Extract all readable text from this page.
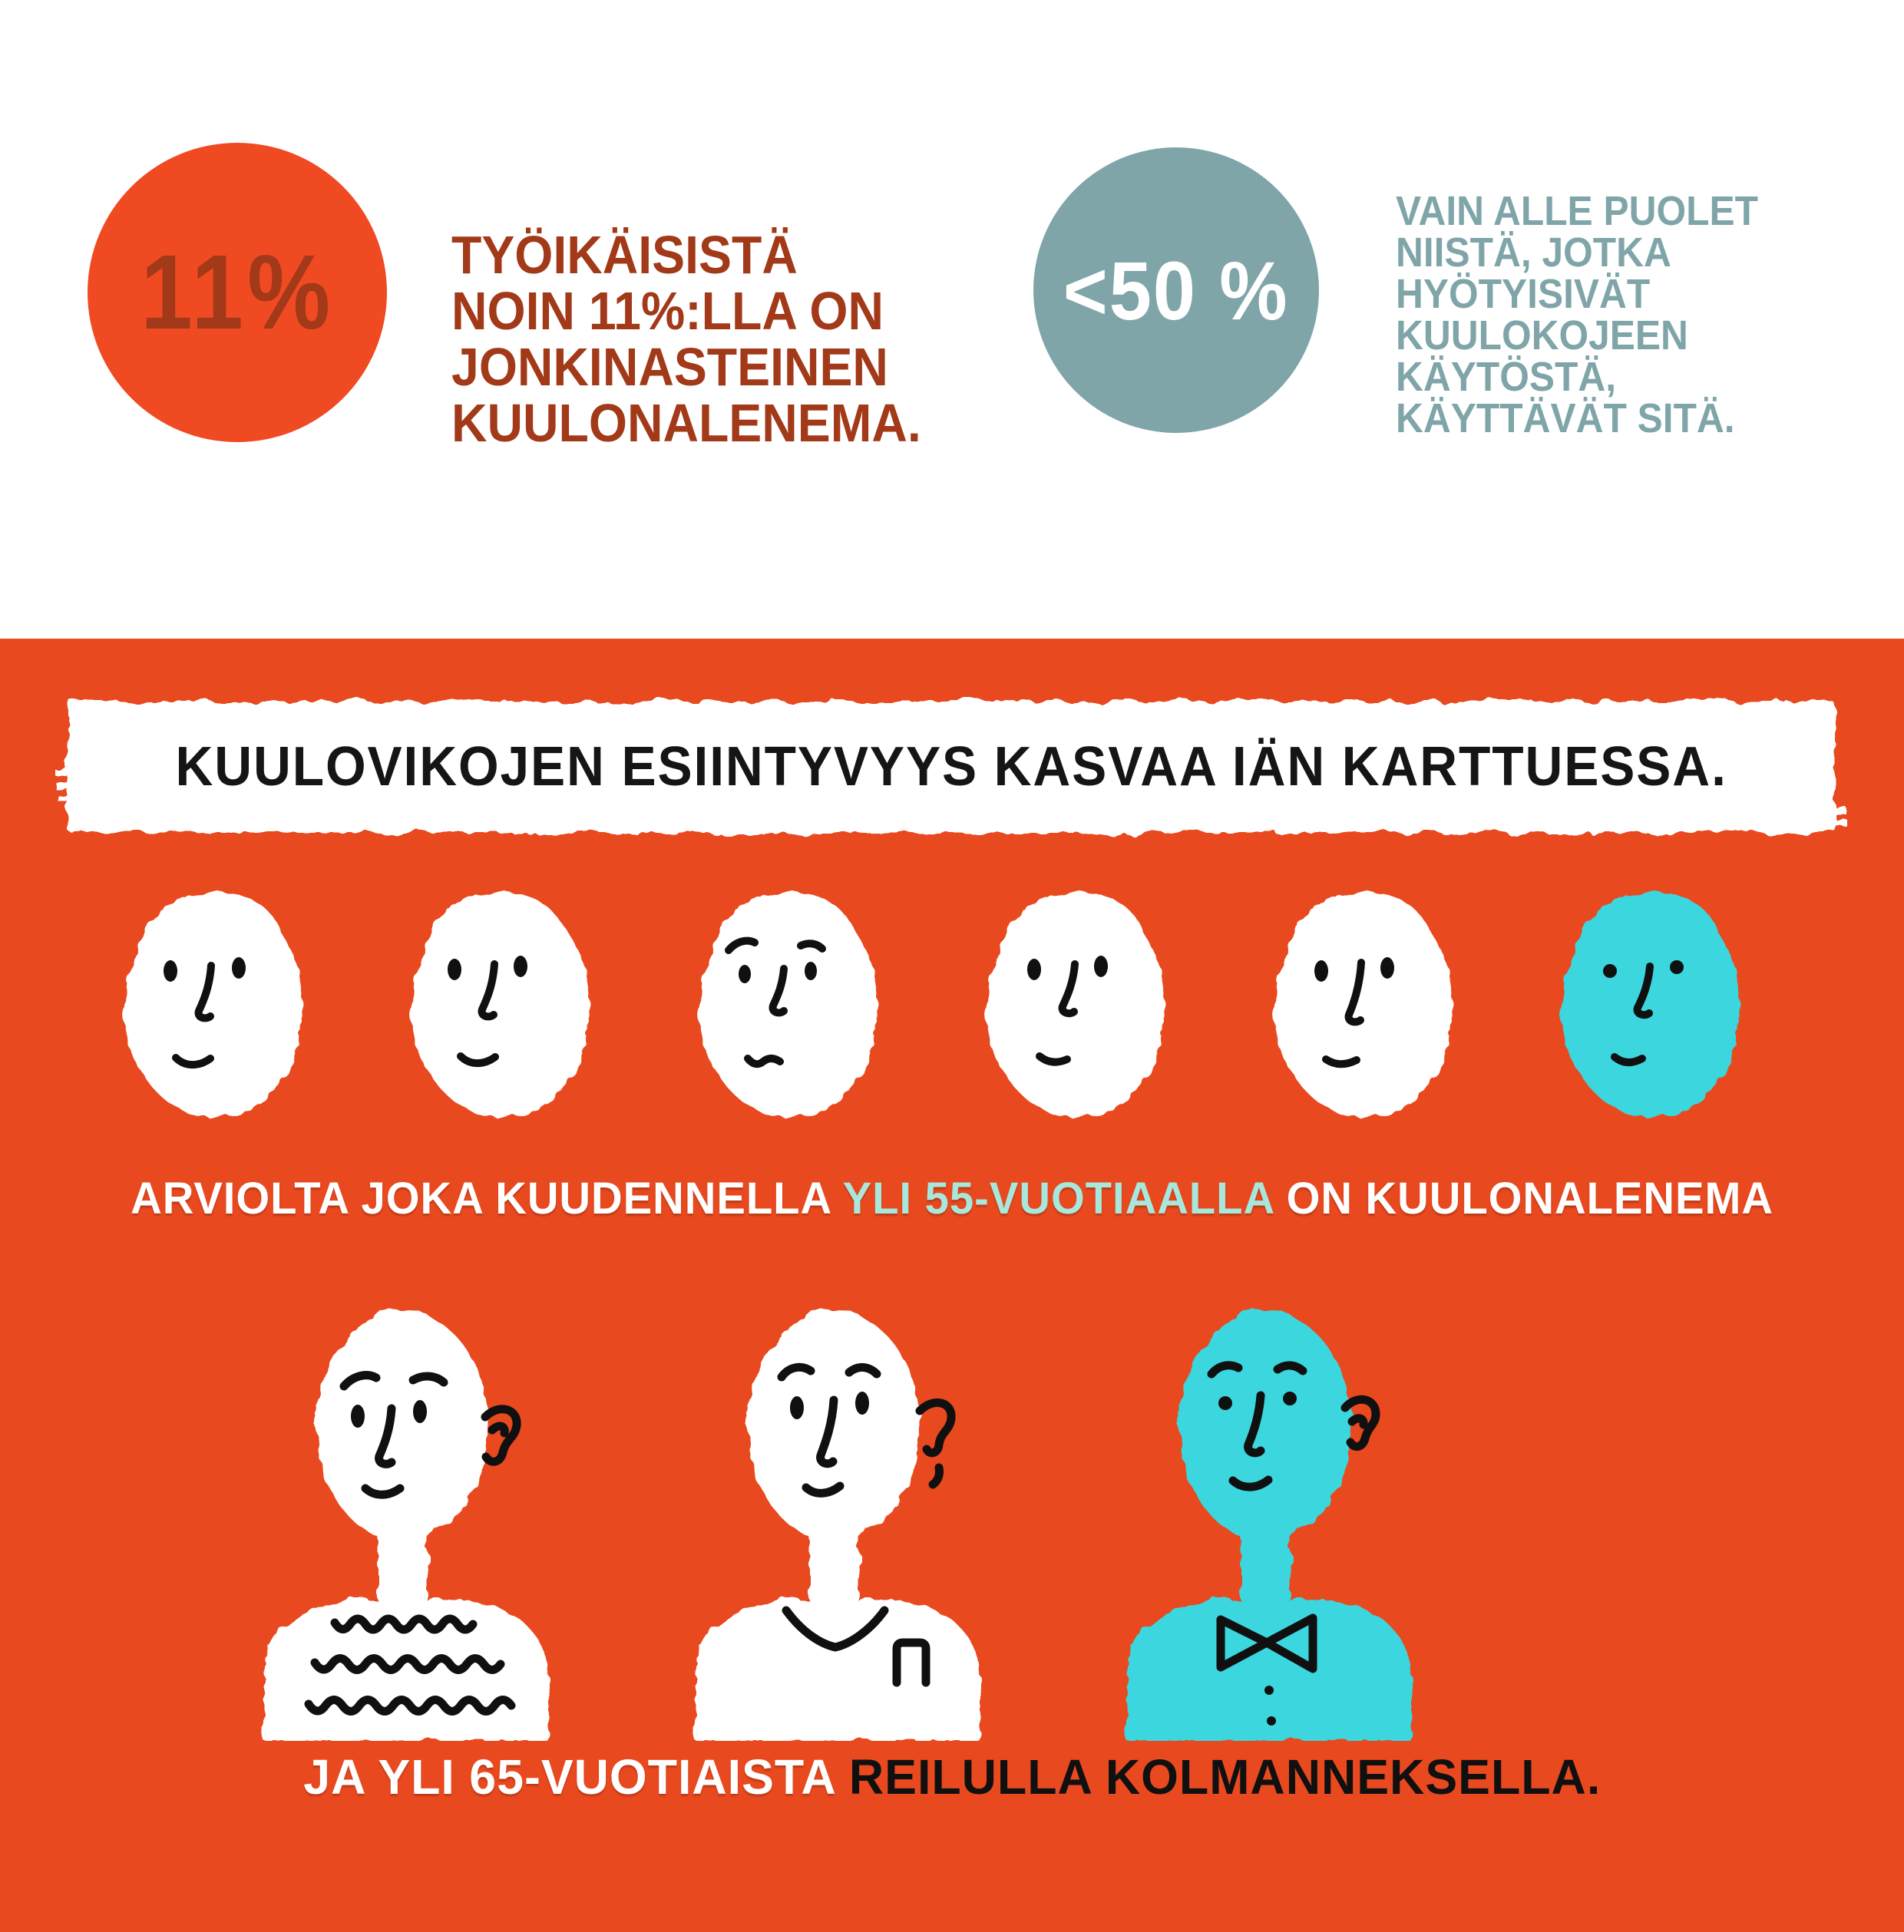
11% TYÖIKÄISISTÄ
NOIN 11%:LLA ON
JONKINASTEINEN
KUULONALENEMA.
<50 %
VAIN ALLE PUOLET
NIISTÄ, JOTKA
HYÖTYISIVÄT
KUULOKOJEEN
KÄYTÖSTÄ,
KÄYTTÄVÄT SITÄ.
KUULOVIKOJEN ESIINTYVYYS KASVAA IÄN KARTTUESSA.
ARVIOLTA JOKA KUUDENNELLA YLI 55-VUOTIAALLA ON KUULONALENEMA
JA YLI 65-VUOTIAISTA REILULLA KOLMANNEKSELLA.
